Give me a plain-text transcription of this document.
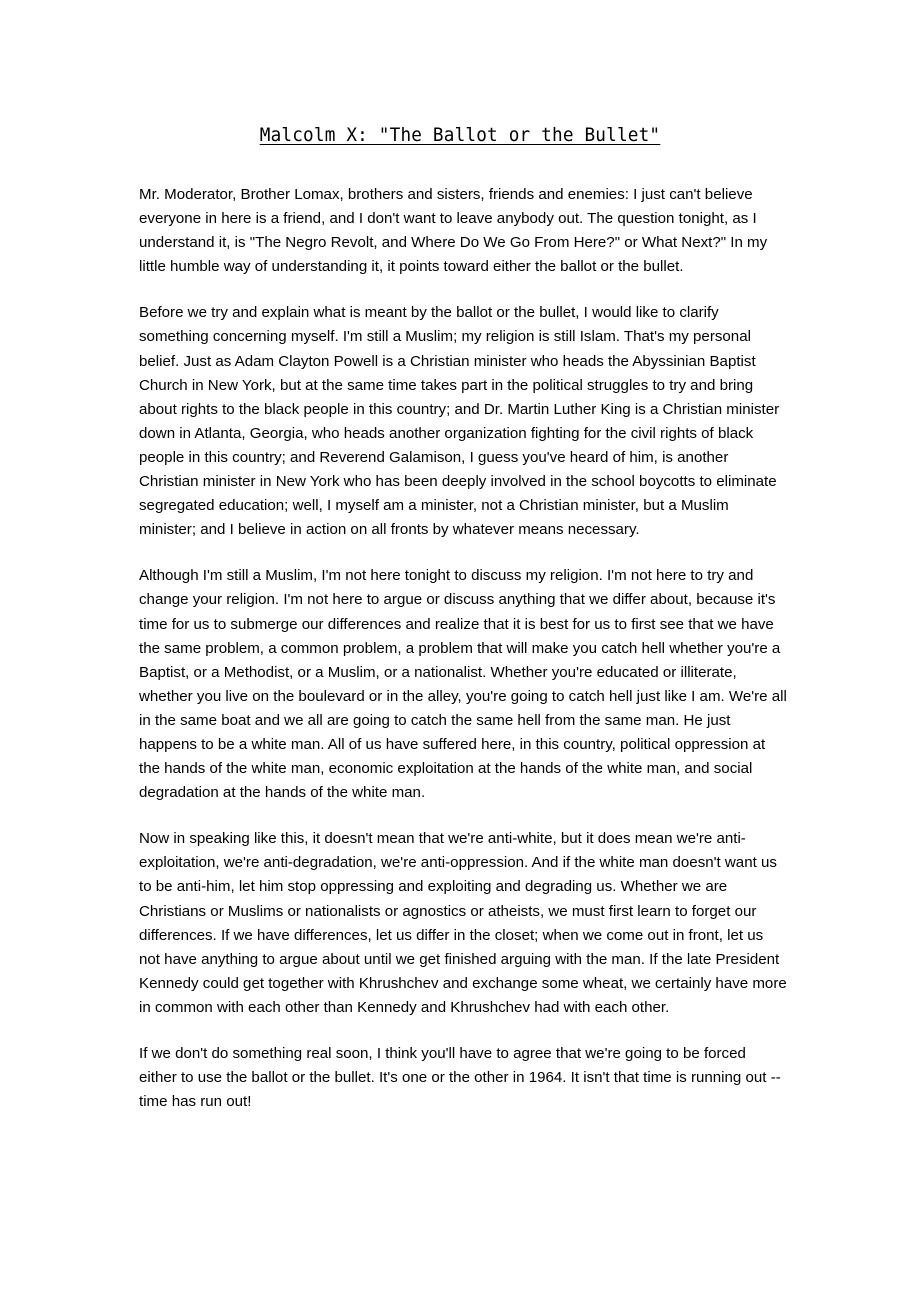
Malcolm X: "The Ballot or the Bullet"

Mr. Moderator, Brother Lomax, brothers and sisters, friends and enemies: I just can't believe everyone in here is a friend, and I don't want to leave anybody out. The question tonight, as I understand it, is "The Negro Revolt, and Where Do We Go From Here?" or What Next?" In my little humble way of understanding it, it points toward either the ballot or the bullet.

Before we try and explain what is meant by the ballot or the bullet, I would like to clarify something concerning myself. I'm still a Muslim; my religion is still Islam. That's my personal belief. Just as Adam Clayton Powell is a Christian minister who heads the Abyssinian Baptist Church in New York, but at the same time takes part in the political struggles to try and bring about rights to the black people in this country; and Dr. Martin Luther King is a Christian minister down in Atlanta, Georgia, who heads another organization fighting for the civil rights of black people in this country; and Reverend Galamison, I guess you've heard of him, is another Christian minister in New York who has been deeply involved in the school boycotts to eliminate segregated education; well, I myself am a minister, not a Christian minister, but a Muslim minister; and I believe in action on all fronts by whatever means necessary.

Although I'm still a Muslim, I'm not here tonight to discuss my religion. I'm not here to try and change your religion. I'm not here to argue or discuss anything that we differ about, because it's time for us to submerge our differences and realize that it is best for us to first see that we have the same problem, a common problem, a problem that will make you catch hell whether you're a Baptist, or a Methodist, or a Muslim, or a nationalist. Whether you're educated or illiterate, whether you live on the boulevard or in the alley, you're going to catch hell just like I am. We're all in the same boat and we all are going to catch the same hell from the same man. He just happens to be a white man. All of us have suffered here, in this country, political oppression at the hands of the white man, economic exploitation at the hands of the white man, and social degradation at the hands of the white man.

Now in speaking like this, it doesn't mean that we're anti-white, but it does mean we're anti-exploitation, we're anti-degradation, we're anti-oppression. And if the white man doesn't want us to be anti-him, let him stop oppressing and exploiting and degrading us. Whether we are Christians or Muslims or nationalists or agnostics or atheists, we must first learn to forget our differences. If we have differences, let us differ in the closet; when we come out in front, let us not have anything to argue about until we get finished arguing with the man. If the late President Kennedy could get together with Khrushchev and exchange some wheat, we certainly have more in common with each other than Kennedy and Khrushchev had with each other.

If we don't do something real soon, I think you'll have to agree that we're going to be forced either to use the ballot or the bullet. It's one or the other in 1964. It isn't that time is running out -- time has run out!
